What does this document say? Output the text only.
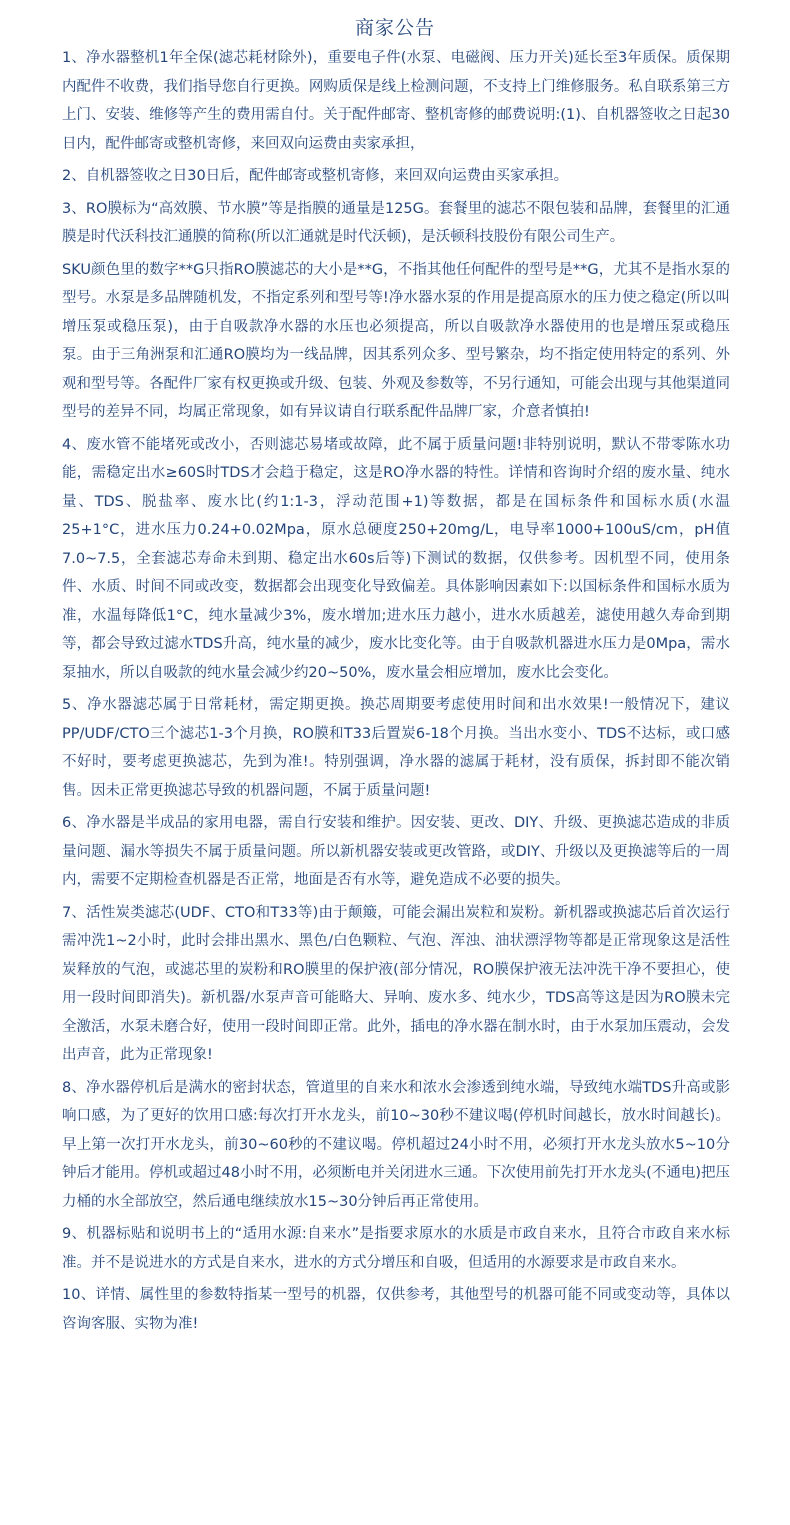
商家公告

1、净水器整机1年全保(滤芯耗材除外)，重要电子件(水泵、电磁阀、压力开关)延长至3年质保。质保期内配件不收费，我们指导您自行更换。网购质保是线上检测问题，不支持上门维修服务。私自联系第三方上门、安装、维修等产生的费用需自付。关于配件邮寄、整机寄修的邮费说明:(1)、自机器签收之日起30日内，配件邮寄或整机寄修，来回双向运费由卖家承担，

2、自机器签收之日30日后，配件邮寄或整机寄修，来回双向运费由买家承担。

3、RO膜标为“高效膜、节水膜”等是指膜的通量是125G。套餐里的滤芯不限包装和品牌，套餐里的汇通膜是时代沃科技汇通膜的简称(所以汇通就是时代沃顿)，是沃顿科技股份有限公司生产。

SKU颜色里的数字**G只指RO膜滤芯的大小是**G，不指其他任何配件的型号是**G，尤其不是指水泵的型号。水泵是多品牌随机发，不指定系列和型号等!净水器水泵的作用是提高原水的压力使之稳定(所以叫增压泵或稳压泵)，由于自吸款净水器的水压也必须提高，所以自吸款净水器使用的也是增压泵或稳压泵。由于三角洲泵和汇通RO膜均为一线品牌，因其系列众多、型号繁杂，均不指定使用特定的系列、外观和型号等。各配件厂家有权更换或升级、包装、外观及参数等，不另行通知，可能会出现与其他渠道同型号的差异不同，均属正常现象，如有异议请自行联系配件品牌厂家，介意者慎拍!

4、废水管不能堵死或改小，否则滤芯易堵或故障，此不属于质量问题!非特别说明，默认不带零陈水功能，需稳定出水≥60S时TDS才会趋于稳定，这是RO净水器的特性。详情和咨询时介绍的废水量、纯水量、TDS、脱盐率、废水比(约1:1-3，浮动范围+1)等数据，都是在国标条件和国标水质(水温25+1°C，进水压力0.24+0.02Mpa，原水总硬度250+20mg/L，电导率1000+100uS/cm，pH值7.0~7.5，全套滤芯寿命未到期、稳定出水60s后等)下测试的数据，仅供参考。因机型不同，使用条件、水质、时间不同或改变，数据都会出现变化导致偏差。具体影响因素如下:以国标条件和国标水质为准，水温每降低1°C，纯水量减少3%，废水增加;进水压力越小，进水水质越差，滤使用越久寿命到期等，都会导致过滤水TDS升高，纯水量的减少，废水比变化等。由于自吸款机器进水压力是0Mpa，需水泵抽水，所以自吸款的纯水量会减少约20~50%，废水量会相应增加，废水比会变化。

5、净水器滤芯属于日常耗材，需定期更换。换芯周期要考虑使用时间和出水效果!一般情况下，建议PP/UDF/CTO三个滤芯1-3个月换，RO膜和T33后置炭6-18个月换。当出水变小、TDS不达标，或口感不好时，要考虑更换滤芯，先到为准!。特别强调，净水器的滤属于耗材，没有质保，拆封即不能次销售。因未正常更换滤芯导致的机器问题，不属于质量问题!

6、净水器是半成品的家用电器，需自行安装和维护。因安装、更改、DIY、升级、更换滤芯造成的非质量问题、漏水等损失不属于质量问题。所以新机器安装或更改管路，或DIY、升级以及更换滤等后的一周内，需要不定期检查机器是否正常，地面是否有水等，避免造成不必要的损失。

7、活性炭类滤芯(UDF、CTO和T33等)由于颠簸，可能会漏出炭粒和炭粉。新机器或换滤芯后首次运行需冲洗1~2小时，此时会排出黑水、黑色/白色颗粒、气泡、浑浊、油状漂浮物等都是正常现象这是活性炭释放的气泡，或滤芯里的炭粉和RO膜里的保护液(部分情况，RO膜保护液无法冲洗干净不要担心，使用一段时间即消失)。新机器/水泵声音可能略大、异响、废水多、纯水少，TDS高等这是因为RO膜未完全激活，水泵未磨合好，使用一段时间即正常。此外，插电的净水器在制水时，由于水泵加压震动，会发出声音，此为正常现象!

8、净水器停机后是满水的密封状态，管道里的自来水和浓水会渗透到纯水端，导致纯水端TDS升高或影响口感，为了更好的饮用口感:每次打开水龙头，前10~30秒不建议喝(停机时间越长，放水时间越长)。早上第一次打开水龙头，前30~60秒的不建议喝。停机超过24小时不用，必须打开水龙头放水5~10分钟后才能用。停机或超过48小时不用，必须断电并关闭进水三通。下次使用前先打开水龙头(不通电)把压力桶的水全部放空，然后通电继续放水15~30分钟后再正常使用。

9、机器标贴和说明书上的“适用水源:自来水”是指要求原水的水质是市政自来水，且符合市政自来水标准。并不是说进水的方式是自来水，进水的方式分增压和自吸，但适用的水源要求是市政自来水。

10、详情、属性里的参数特指某一型号的机器，仅供参考，其他型号的机器可能不同或变动等，具体以咨询客服、实物为准!
